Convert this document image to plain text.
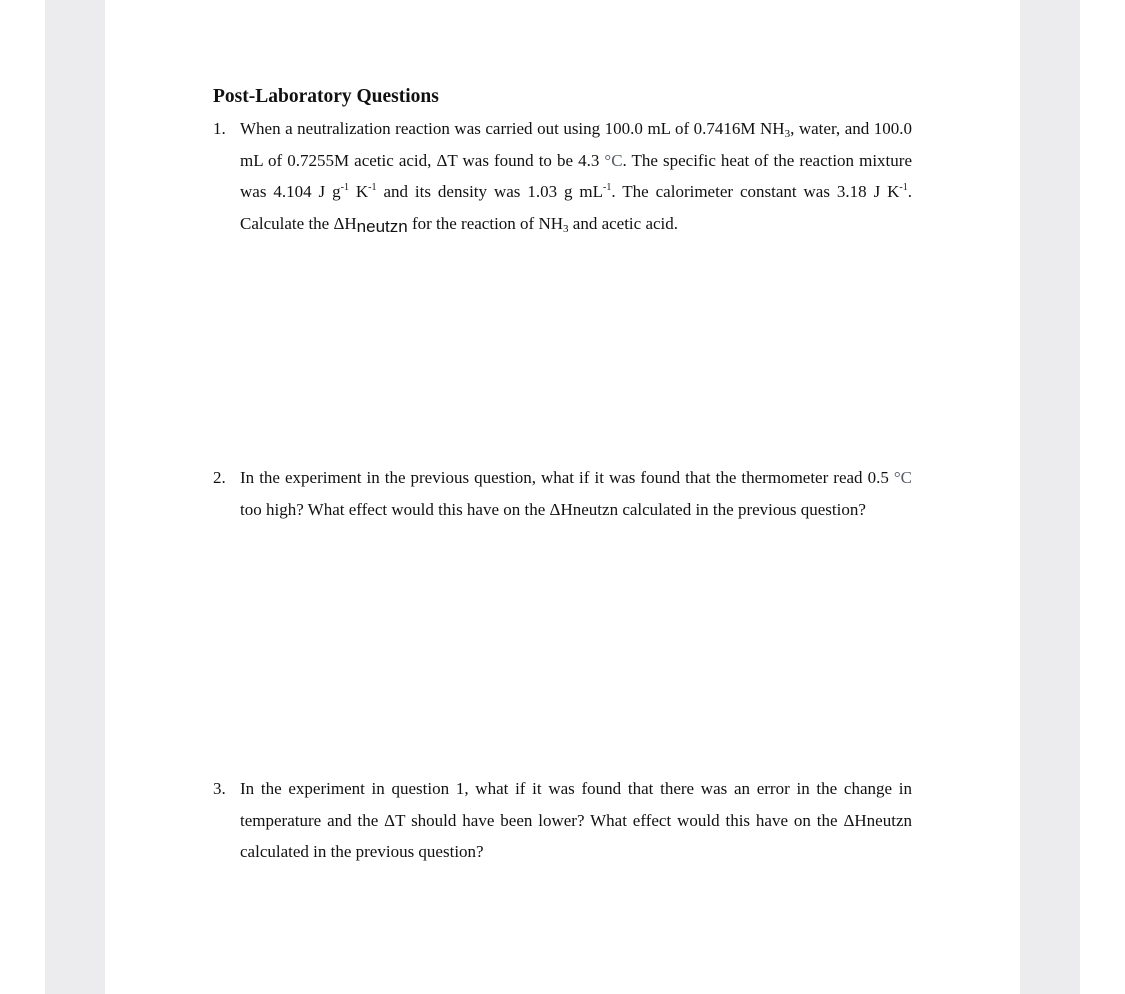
Post-Laboratory Questions

1. When a neutralization reaction was carried out using 100.0 mL of 0.7416M $NH_3$, water, and 100.0 mL of 0.7255M acetic acid, ΔT was found to be 4.3 °C. The specific heat of the reaction mixture was 4.104 J $g^{-1}$ $K^{-1}$ and its density was 1.03 g $mL^{-1}$. The calorimeter constant was 3.18 J $K^{-1}$. Calculate the ΔHneutzn for the reaction of $NH_3$ and acetic acid.
2. In the experiment in the previous question, what if it was found that the thermometer read 0.5 °C too high? What effect would this have on the ΔHneutzn calculated in the previous question?
3. In the experiment in question 1, what if it was found that there was an error in the change in temperature and the ΔT should have been lower? What effect would this have on the ΔHneutzn calculated in the previous question?
